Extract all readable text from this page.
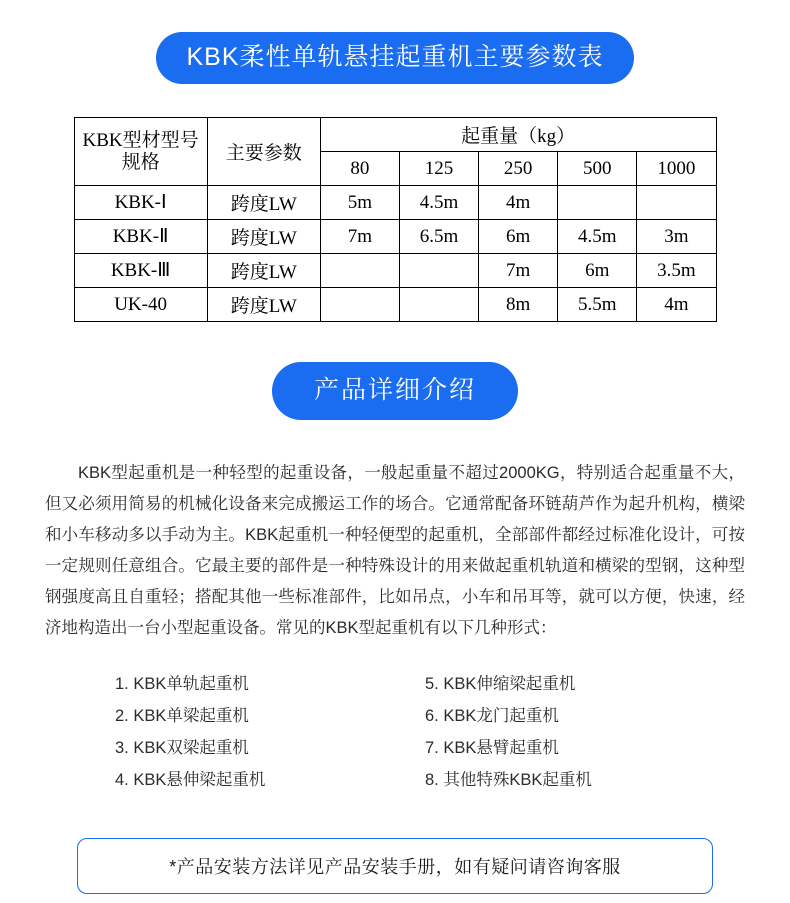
KBK柔性单轨悬挂起重机主要参数表
KBK型材型号规格	主要参数	起重量（kg）				
		80	125	250	500	1000
KBK-Ⅰ	跨度LW	5m	4.5m	4m		
KBK-Ⅱ	跨度LW	7m	6.5m	6m	4.5m	3m
KBK-Ⅲ	跨度LW			7m	6m	3.5m
UK-40	跨度LW			8m	5.5m	4m
产品详细介绍
KBK型起重机是一种轻型的起重设备，一般起重量不超过2000KG，特别适合起重量不大，但又必须用简易的机械化设备来完成搬运工作的场合。它通常配备环链葫芦作为起升机构，横梁和小车移动多以手动为主。KBK起重机一种轻便型的起重机，全部部件都经过标准化设计，可按一定规则任意组合。它最主要的部件是一种特殊设计的用来做起重机轨道和横梁的型钢，这种型钢强度高且自重轻；搭配其他一些标准部件，比如吊点，小车和吊耳等，就可以方便，快速，经济地构造出一台小型起重设备。常见的KBK型起重机有以下几种形式：
1. KBK单轨起重机
2. KBK单梁起重机
3. KBK双梁起重机
4. KBK悬伸梁起重机
5. KBK伸缩梁起重机
6. KBK龙门起重机
7. KBK悬臂起重机
8. 其他特殊KBK起重机
*产品安装方法详见产品安装手册，如有疑问请咨询客服
